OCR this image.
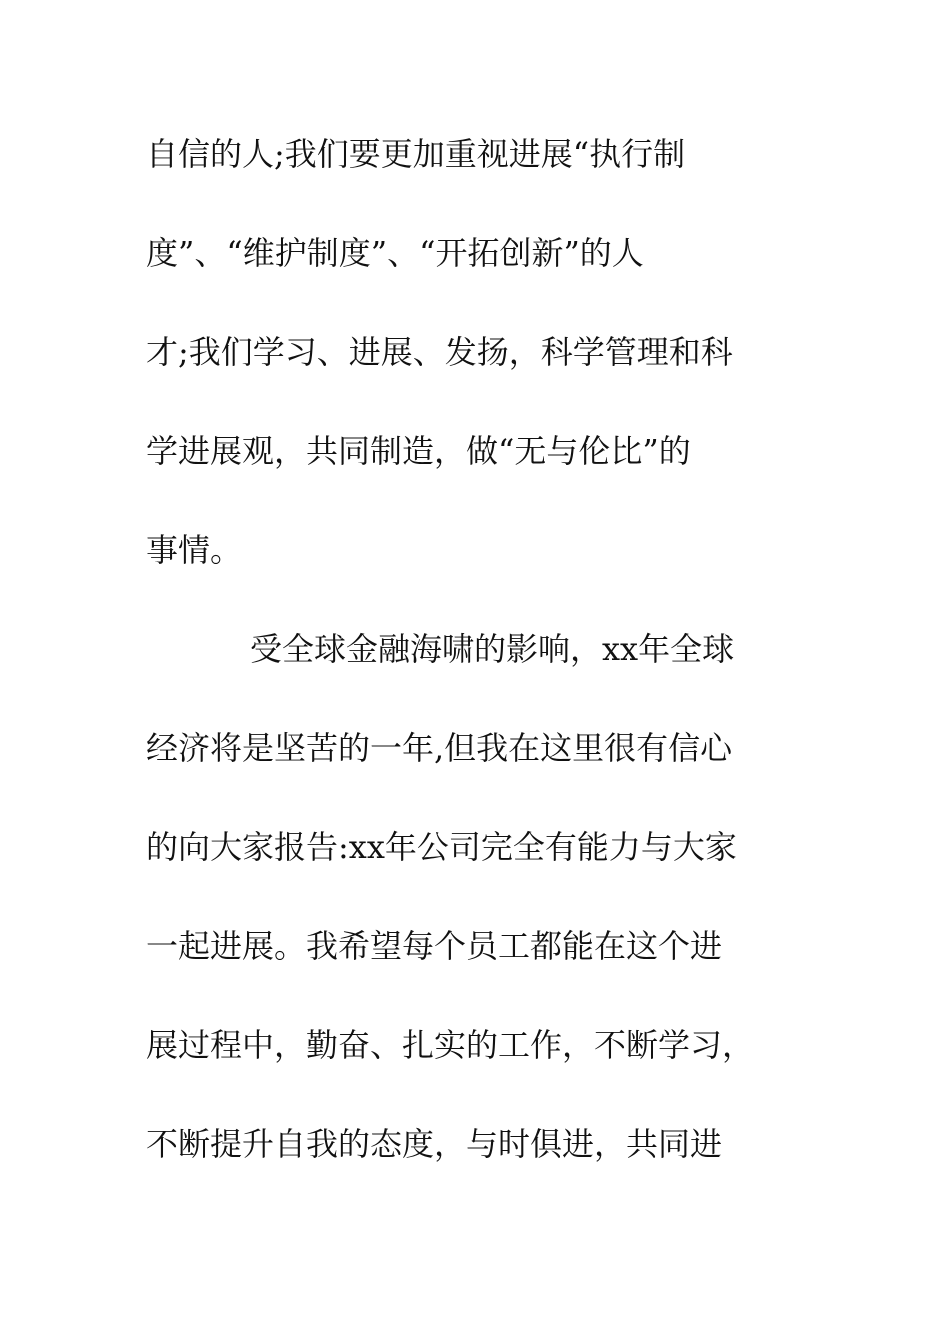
自信的人;我们要更加重视进展“执行制
度”、“维护制度”、“开拓创新”的人
才;我们学习、进展、发扬，科学管理和科
学进展观，共同制造，做“无与伦比”的
事情。
受全球金融海啸的影响，xx年全球
经济将是坚苦的一年,但我在这里很有信心
的向大家报告:xx年公司完全有能力与大家
一起进展。我希望每个员工都能在这个进
展过程中，勤奋、扎实的工作，不断学习，
不断提升自我的态度，与时俱进，共同进
